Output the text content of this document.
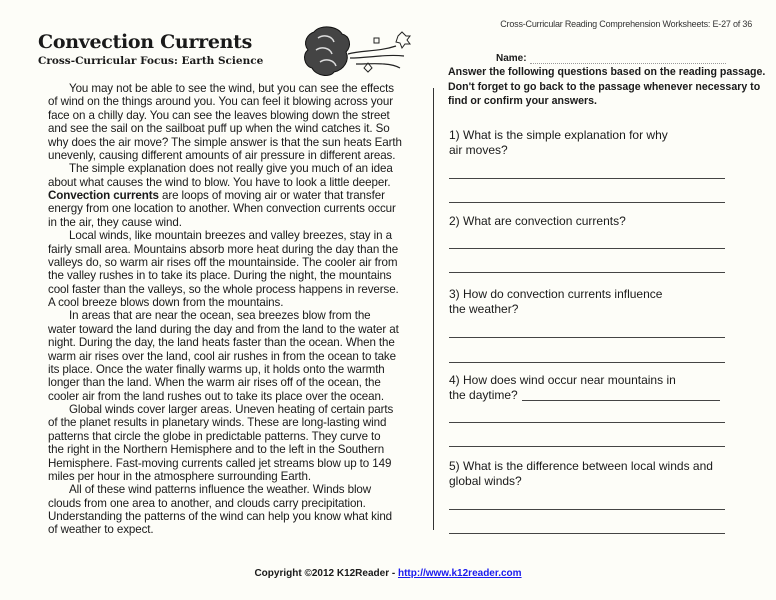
Cross-Curricular Reading Comprehension Worksheets: E-27 of 36
Convection Currents
Cross-Curricular Focus: Earth Science
You may not be able to see the wind, but you can see the effects
of wind on the things around you. You can feel it blowing across your
face on a chilly day. You can see the leaves blowing down the street
and see the sail on the sailboat puff up when the wind catches it. So
why does the air move? The simple answer is that the sun heats Earth
unevenly, causing different amounts of air pressure in different areas.
The simple explanation does not really give you much of an idea
about what causes the wind to blow. You have to look a little deeper.
Convection currents are loops of moving air or water that transfer
energy from one location to another. When convection currents occur
in the air, they cause wind.
Local winds, like mountain breezes and valley breezes, stay in a
fairly small area. Mountains absorb more heat during the day than the
valleys do, so warm air rises off the mountainside. The cooler air from
the valley rushes in to take its place. During the night, the mountains
cool faster than the valleys, so the whole process happens in reverse.
A cool breeze blows down from the mountains.
In areas that are near the ocean, sea breezes blow from the
water toward the land during the day and from the land to the water at
night. During the day, the land heats faster than the ocean. When the
warm air rises over the land, cool air rushes in from the ocean to take
its place. Once the water finally warms up, it holds onto the warmth
longer than the land. When the warm air rises off of the ocean, the
cooler air from the land rushes out to take its place over the ocean.
Global winds cover larger areas. Uneven heating of certain parts
of the planet results in planetary winds. These are long-lasting wind
patterns that circle the globe in predictable patterns. They curve to
the right in the Northern Hemisphere and to the left in the Southern
Hemisphere. Fast-moving currents called jet streams blow up to 149
miles per hour in the atmosphere surrounding Earth.
All of these wind patterns influence the weather. Winds blow
clouds from one area to another, and clouds carry precipitation.
Understanding the patterns of the wind can help you know what kind
of weather to expect.
Name:
Answer the following questions based on the reading passage. Don't forget to go back to the passage whenever necessary to find or confirm your answers.
1) What is the simple explanation for why
air moves?
2) What are convection currents?
3) How do convection currents influence
the weather?
4) How does wind occur near mountains in
the daytime?
5) What is the difference between local winds and
global winds?
Copyright ©2012 K12Reader - http://www.k12reader.com
